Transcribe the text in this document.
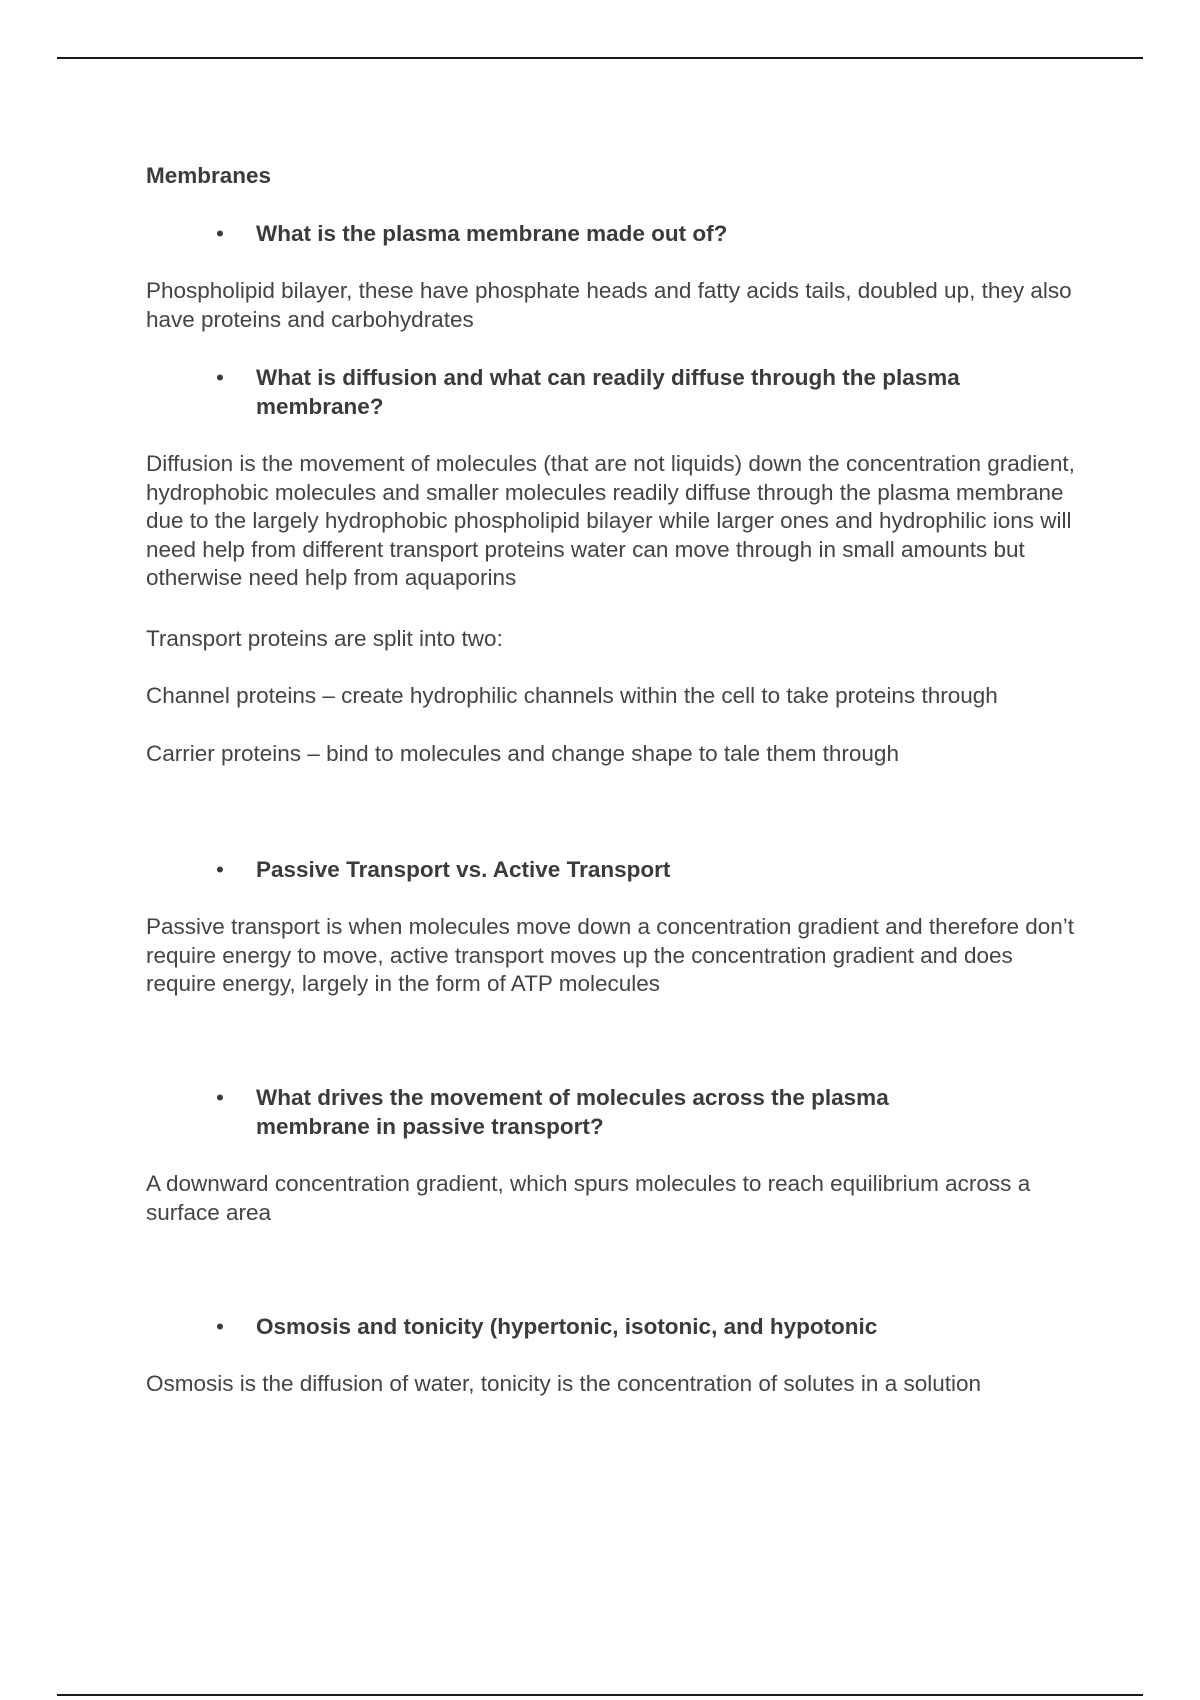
Membranes
• What is the plasma membrane made out of?

Phospholipid bilayer, these have phosphate heads and fatty acids tails, doubled up, they also have proteins and carbohydrates

• What is diffusion and what can readily diffuse through the plasma membrane?

Diffusion is the movement of molecules (that are not liquids) down the concentration gradient, hydrophobic molecules and smaller molecules readily diffuse through the plasma membrane due to the largely hydrophobic phospholipid bilayer while larger ones and hydrophilic ions will need help from different transport proteins water can move through in small amounts but otherwise need help from aquaporins

Transport proteins are split into two:

Channel proteins – create hydrophilic channels within the cell to take proteins through

Carrier proteins – bind to molecules and change shape to tale them through

• Passive Transport vs. Active Transport

Passive transport is when molecules move down a concentration gradient and therefore don’t require energy to move, active transport moves up the concentration gradient and does require energy, largely in the form of ATP molecules

• What drives the movement of molecules across the plasma membrane in passive transport?

A downward concentration gradient, which spurs molecules to reach equilibrium across a surface area

• Osmosis and tonicity (hypertonic, isotonic, and hypotonic

Osmosis is the diffusion of water, tonicity is the concentration of solutes in a solution
